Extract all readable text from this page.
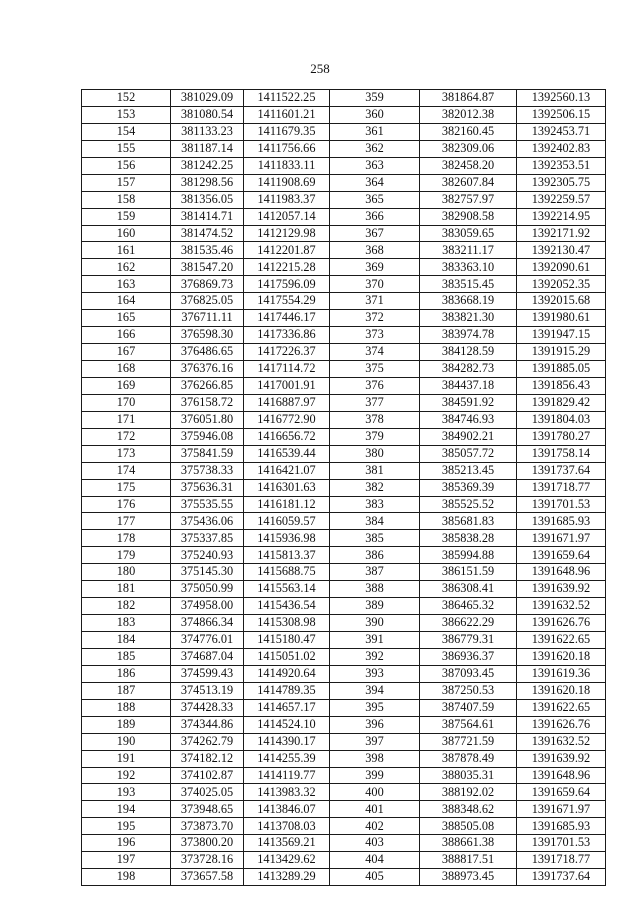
258
152	381029.09	1411522.25	359	381864.87	1392560.13
153	381080.54	1411601.21	360	382012.38	1392506.15
154	381133.23	1411679.35	361	382160.45	1392453.71
155	381187.14	1411756.66	362	382309.06	1392402.83
156	381242.25	1411833.11	363	382458.20	1392353.51
157	381298.56	1411908.69	364	382607.84	1392305.75
158	381356.05	1411983.37	365	382757.97	1392259.57
159	381414.71	1412057.14	366	382908.58	1392214.95
160	381474.52	1412129.98	367	383059.65	1392171.92
161	381535.46	1412201.87	368	383211.17	1392130.47
162	381547.20	1412215.28	369	383363.10	1392090.61
163	376869.73	1417596.09	370	383515.45	1392052.35
164	376825.05	1417554.29	371	383668.19	1392015.68
165	376711.11	1417446.17	372	383821.30	1391980.61
166	376598.30	1417336.86	373	383974.78	1391947.15
167	376486.65	1417226.37	374	384128.59	1391915.29
168	376376.16	1417114.72	375	384282.73	1391885.05
169	376266.85	1417001.91	376	384437.18	1391856.43
170	376158.72	1416887.97	377	384591.92	1391829.42
171	376051.80	1416772.90	378	384746.93	1391804.03
172	375946.08	1416656.72	379	384902.21	1391780.27
173	375841.59	1416539.44	380	385057.72	1391758.14
174	375738.33	1416421.07	381	385213.45	1391737.64
175	375636.31	1416301.63	382	385369.39	1391718.77
176	375535.55	1416181.12	383	385525.52	1391701.53
177	375436.06	1416059.57	384	385681.83	1391685.93
178	375337.85	1415936.98	385	385838.28	1391671.97
179	375240.93	1415813.37	386	385994.88	1391659.64
180	375145.30	1415688.75	387	386151.59	1391648.96
181	375050.99	1415563.14	388	386308.41	1391639.92
182	374958.00	1415436.54	389	386465.32	1391632.52
183	374866.34	1415308.98	390	386622.29	1391626.76
184	374776.01	1415180.47	391	386779.31	1391622.65
185	374687.04	1415051.02	392	386936.37	1391620.18
186	374599.43	1414920.64	393	387093.45	1391619.36
187	374513.19	1414789.35	394	387250.53	1391620.18
188	374428.33	1414657.17	395	387407.59	1391622.65
189	374344.86	1414524.10	396	387564.61	1391626.76
190	374262.79	1414390.17	397	387721.59	1391632.52
191	374182.12	1414255.39	398	387878.49	1391639.92
192	374102.87	1414119.77	399	388035.31	1391648.96
193	374025.05	1413983.32	400	388192.02	1391659.64
194	373948.65	1413846.07	401	388348.62	1391671.97
195	373873.70	1413708.03	402	388505.08	1391685.93
196	373800.20	1413569.21	403	388661.38	1391701.53
197	373728.16	1413429.62	404	388817.51	1391718.77
198	373657.58	1413289.29	405	388973.45	1391737.64
